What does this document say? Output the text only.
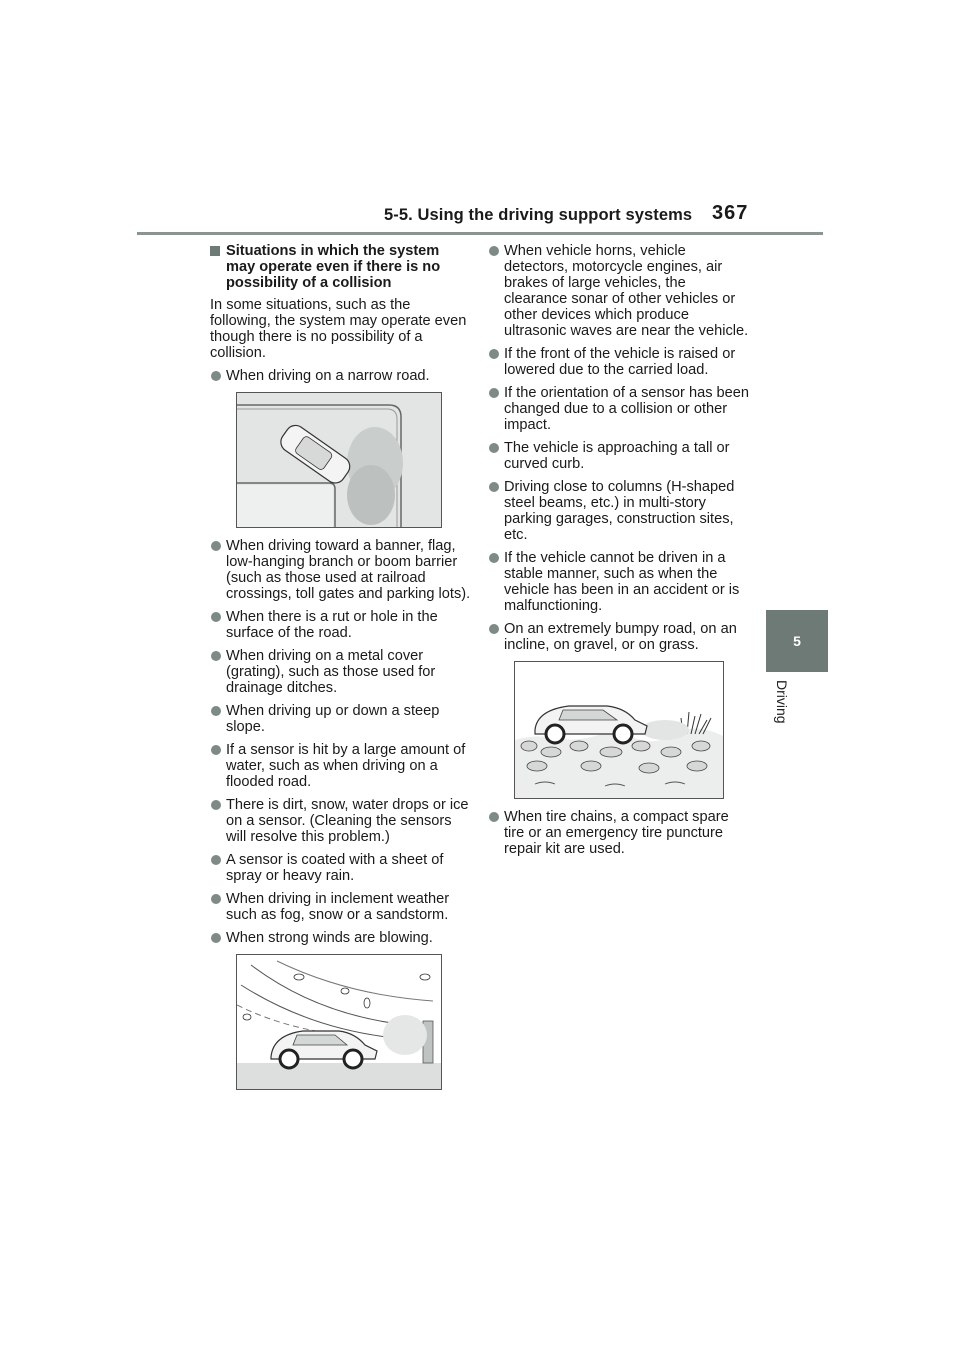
5-5. Using the driving support systems 367
5
Driving
Situations in which the system may operate even if there is no possibility of a collision

In some situations, such as the following, the system may operate even though there is no possibility of a collision.

When driving on a narrow road.
When driving toward a banner, flag, low-hanging branch or boom barrier (such as those used at railroad crossings, toll gates and parking lots).
When there is a rut or hole in the surface of the road.
When driving on a metal cover (grating), such as those used for drainage ditches.
When driving up or down a steep slope.
If a sensor is hit by a large amount of water, such as when driving on a flooded road.
There is dirt, snow, water drops or ice on a sensor. (Cleaning the sensors will resolve this problem.)
A sensor is coated with a sheet of spray or heavy rain.
When driving in inclement weather such as fog, snow or a sandstorm.
When strong winds are blowing.
When vehicle horns, vehicle detectors, motorcycle engines, air brakes of large vehicles, the clearance sonar of other vehicles or other devices which produce ultrasonic waves are near the vehicle.
If the front of the vehicle is raised or lowered due to the carried load.
If the orientation of a sensor has been changed due to a collision or other impact.
The vehicle is approaching a tall or curved curb.
Driving close to columns (H-shaped steel beams, etc.) in multi-story parking garages, construction sites, etc.
If the vehicle cannot be driven in a stable manner, such as when the vehicle has been in an accident or is malfunctioning.
On an extremely bumpy road, on an incline, on gravel, or on grass.
When tire chains, a compact spare tire or an emergency tire puncture repair kit are used.
